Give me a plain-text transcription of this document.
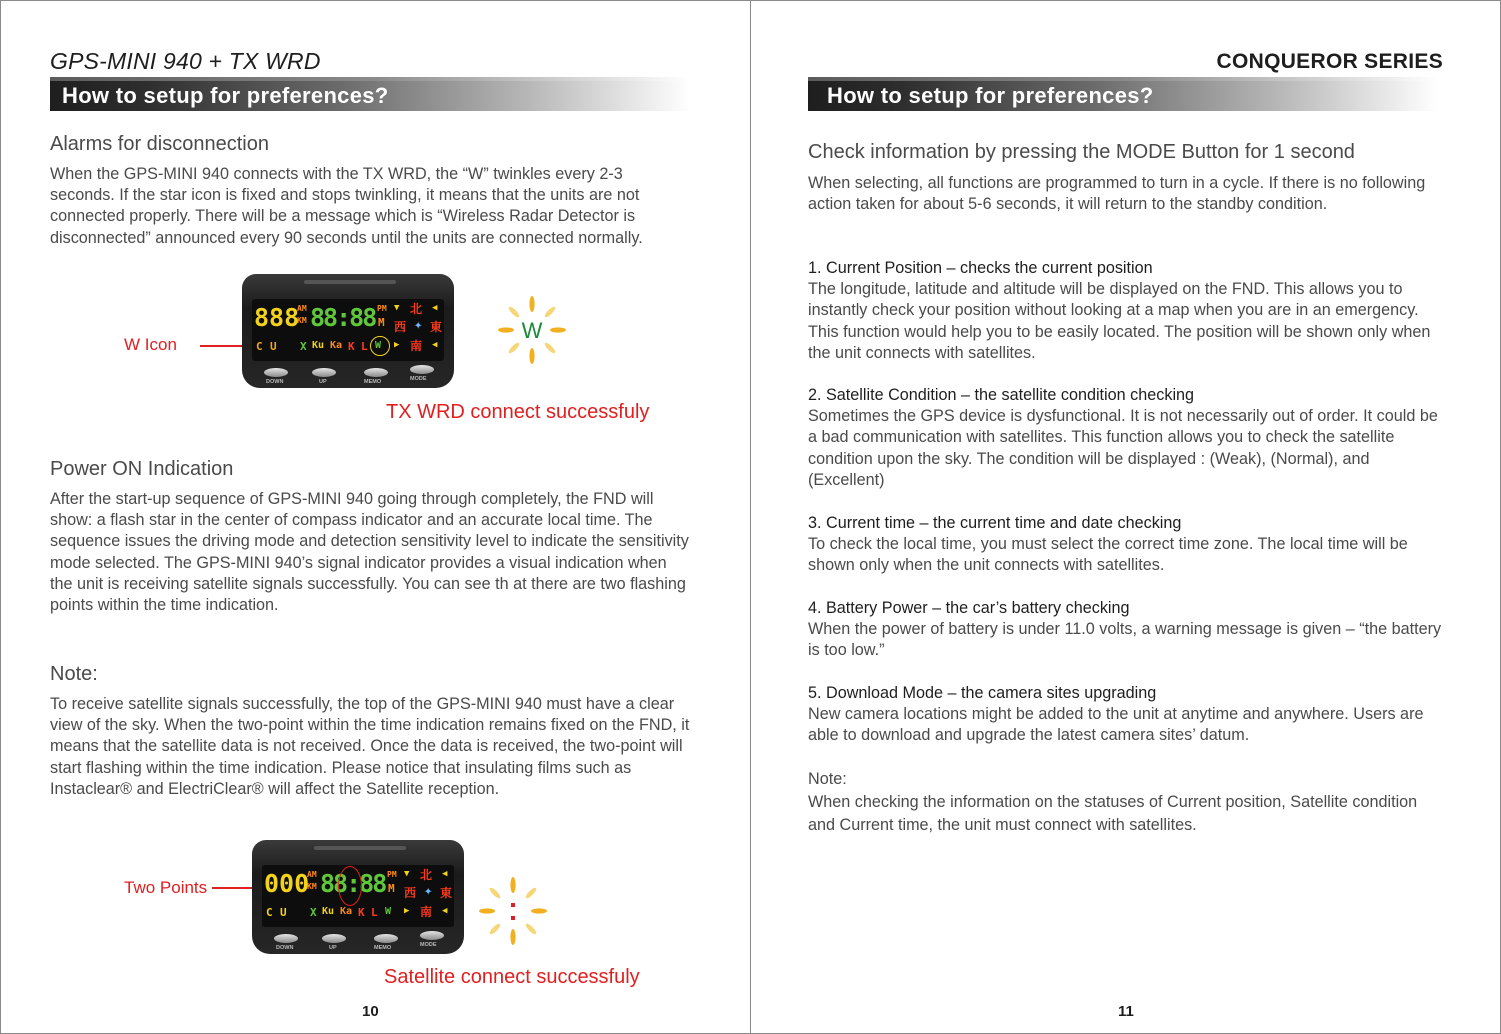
GPS-MINI 940 + TX WRD
How to setup for preferences?
Alarms for disconnection
When the GPS-MINI 940 connects with the TX WRD, the “W” twinkles every 2-3 seconds. If the star icon is fixed and stops twinkling, it means that the units are not connected properly. There will be a message which is “Wireless Radar Detector is disconnected” announced every 90 seconds until the units are connected normally.
W Icon
888
AM
KM 88:88 PM
M
▼ 北 ◀
西 ✦ 東
▶ 南 ◀
C U X Ku Ka K L W
DOWN	UP	MEMO	MODE
W
TX WRD connect successfuly
Power ON Indication
After the start-up sequence of GPS-MINI 940 going through completely, the FND will show: a flash star in the center of compass indicator and an accurate local time. The sequence issues the driving mode and detection sensitivity level to indicate the sensitivity mode selected. The GPS-MINI 940’s signal indicator provides a visual indication when the unit is receiving satellite signals successfully. You can see th at there are two flashing points within the time indication.
Note:
To receive satellite signals successfully, the top of the GPS-MINI 940 must have a clear view of the sky. When the two-point within the time indication remains fixed on the FND, it means that the satellite data is not received. Once the data is received, the two-point will start flashing within the time indication. Please notice that insulating films such as Instaclear® and ElectriClear® will affect the Satellite reception.
Two Points 000
AM
KM 88:88 PM
M
▼ 北 ◀
西 ✦ 東
▶ 南 ◀
C U X Ku Ka K L W
DOWN	UP	MEMO	MODE
Satellite connect successfuly
10
CONQUEROR SERIES
How to setup for preferences?
Check information by pressing the MODE Button for 1 second
When selecting, all functions are programmed to turn in a cycle. If there is no following action taken for about 5-6 seconds, it will return to the standby condition.
1. Current Position – checks the current position
The longitude, latitude and altitude will be displayed on the FND. This allows you to instantly check your position without looking at a map when you are in an emergency. This function would help you to be easily located. The position will be shown only when the unit connects with satellites.
2. Satellite Condition – the satellite condition checking
Sometimes the GPS device is dysfunctional. It is not necessarily out of order. It could be a bad communication with satellites. This function allows you to check the satellite condition upon the sky. The condition will be displayed : (Weak), (Normal), and (Excellent)
3. Current time – the current time and date checking
To check the local time, you must select the correct time zone. The local time will be shown only when the unit connects with satellites.
4. Battery Power – the car’s battery checking
When the power of battery is under 11.0 volts, a warning message is given – “the battery is too low.”
5. Download Mode – the camera sites upgrading
New camera locations might be added to the unit at anytime and anywhere. Users are able to download and upgrade the latest camera sites’ datum.
Note:
When checking the information on the statuses of Current position, Satellite condition and Current time, the unit must connect with satellites.
11
